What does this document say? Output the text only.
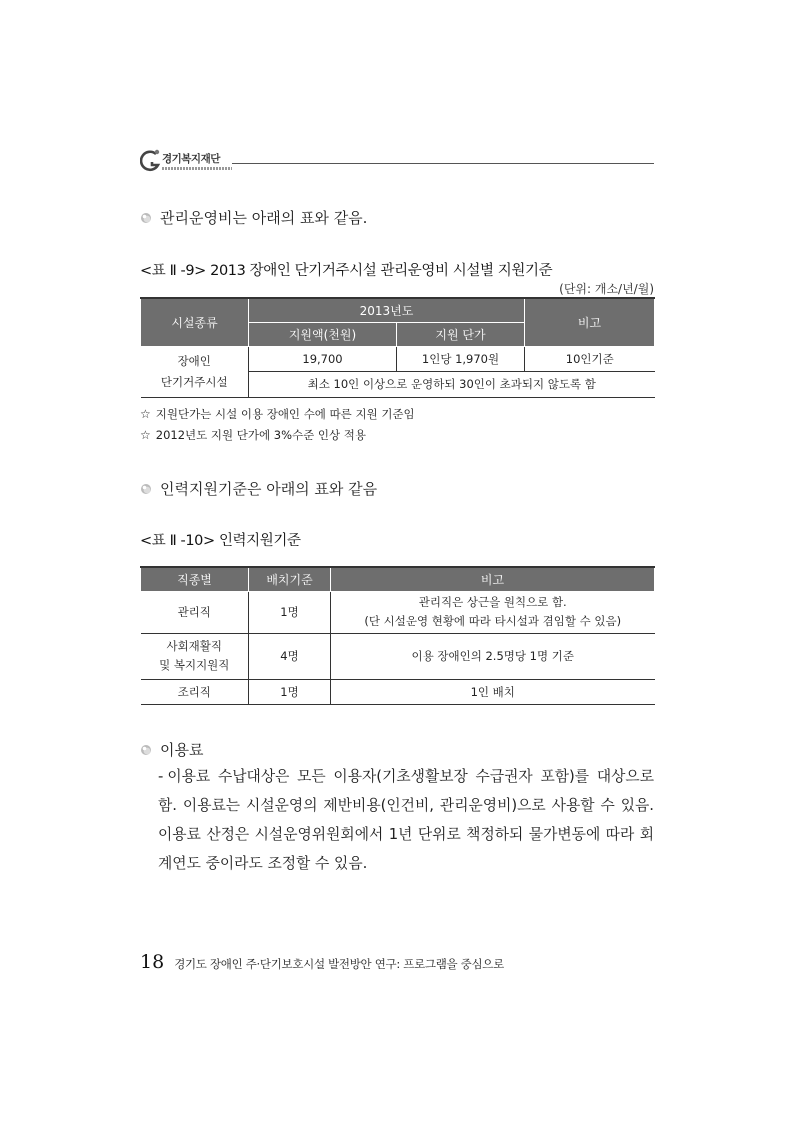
경기복지재단
관리운영비는 아래의 표와 같음.
<표 Ⅱ -9> 2013 장애인 단기거주시설 관리운영비 시설별 지원기준
(단위: 개소/년/월)
시설종류	2013년도		비고
	지원액(천원)	지원 단가	
장애인
단기거주시설	19,700	1인당 1,970원	10인기준
	최소 10인 이상으로 운영하되 30인이 초과되지 않도록 함		
☆ 지원단가는 시설 이용 장애인 수에 따른 지원 기준임
☆ 2012년도 지원 단가에 3%수준 인상 적용
인력지원기준은 아래의 표와 같음
<표 Ⅱ -10> 인력지원기준
직종별	배치기준	비고
관리직	1명	관리직은 상근을 원칙으로 함.
(단 시설운영 현황에 따라 타시설과 겸임할 수 있음)
사회재활직
및 복지지원직	4명	이용 장애인의 2.5명당 1명 기준
조리직	1명	1인 배치
이용료
- 이용료 수납대상은 모든 이용자(기초생활보장 수급권자 포함)를 대상으로 함. 이용료는 시설운영의 제반비용(인건비, 관리운영비)으로 사용할 수 있음. 이용료 산정은 시설운영위원회에서 1년 단위로 책정하되 물가변동에 따라 회계연도 중이라도 조정할 수 있음.
18 경기도 장애인 주·단기보호시설 발전방안 연구: 프로그램을 중심으로
